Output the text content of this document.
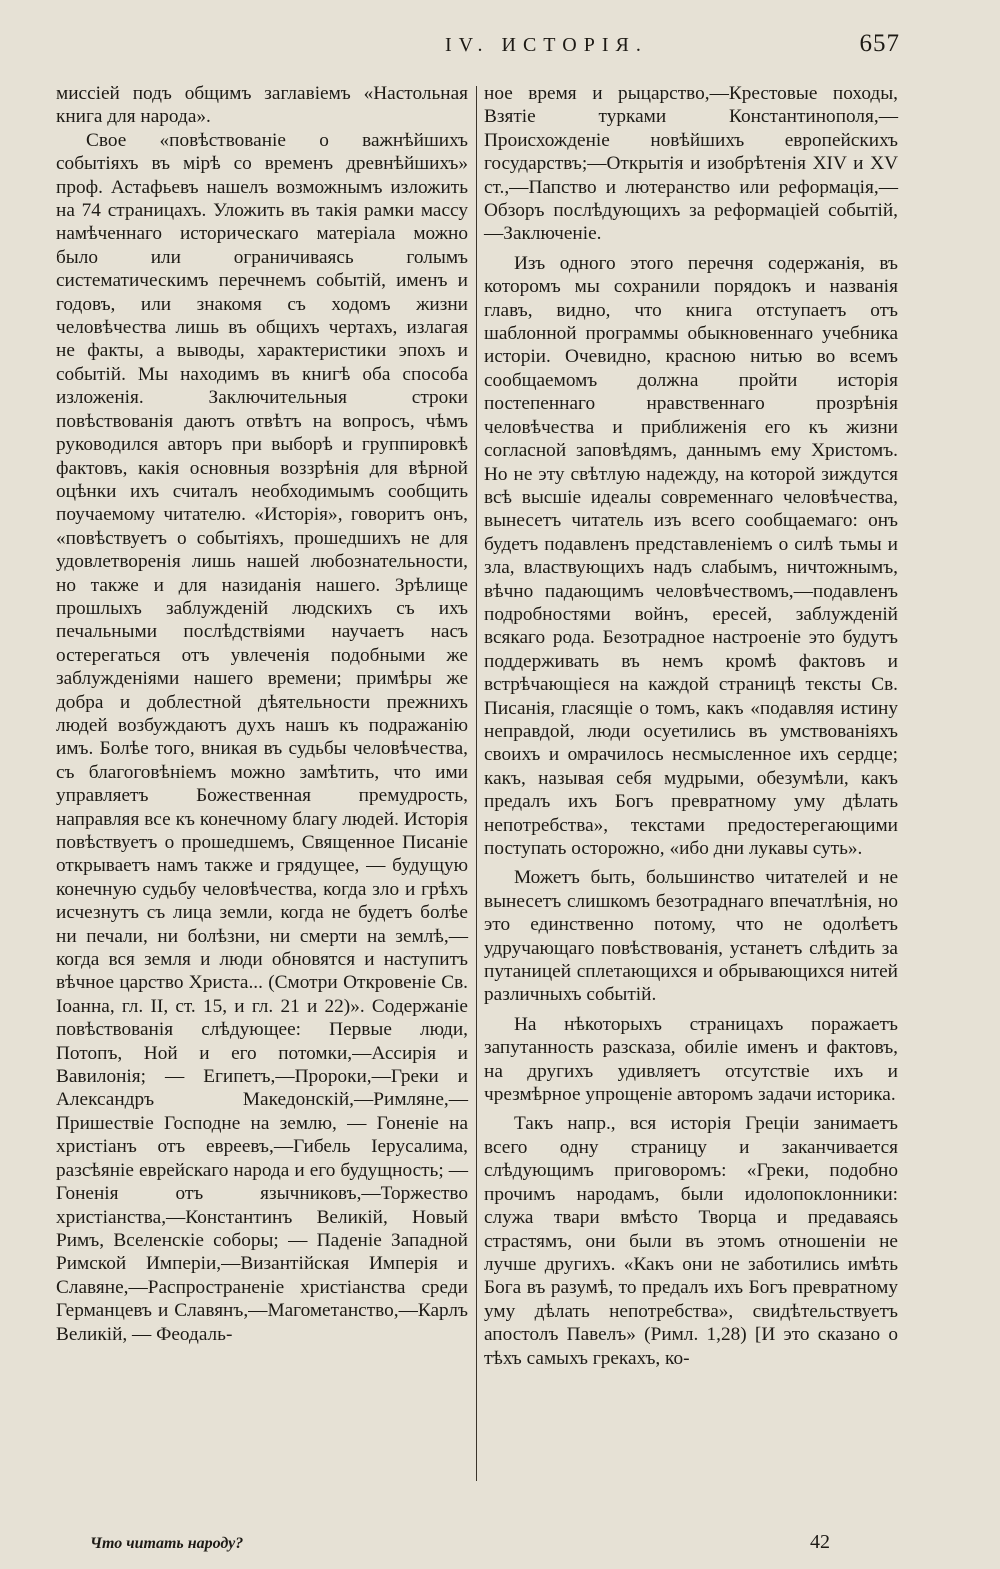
IV. ИСТОРІЯ.	657

миссiей подъ общимъ заглавiемъ «Настольная книга для народа».

Свое «повѣствованiе о важнѣйшихъ событiяхъ въ мiрѣ со временъ древнѣйшихъ» проф. Астафьевъ нашелъ возможнымъ изложить на 74 страницахъ. Уложить въ такiя рамки массу намѣченнаго историческаго матерiала можно было или ограничиваясь голымъ систематическимъ перечнемъ событiй, именъ и годовъ, или знакомя съ ходомъ жизни человѣчества лишь въ общихъ чертахъ, излагая не факты, а выводы, характеристики эпохъ и событiй. Мы находимъ въ книгѣ оба способа изложенiя. Заключительныя строки повѣствованiя даютъ отвѣтъ на вопросъ, чѣмъ руководился авторъ при выборѣ и группировкѣ фактовъ, какiя основныя воззрѣнiя для вѣрной оцѣнки ихъ считалъ необходимымъ сообщить поучаемому читателю. «Исторiя», говоритъ онъ, «повѣствуетъ о событiяхъ, прошедшихъ не для удовлетворенiя лишь нашей любознательности, но также и для назиданiя нашего. Зрѣлище прошлыхъ заблужденiй людскихъ съ ихъ печальными послѣдствiями научаетъ насъ остерегаться отъ увлеченiя подобными же заблужденiями нашего времени; примѣры же добра и доблестной дѣятельности прежнихъ людей возбуждаютъ духъ нашъ къ подражанiю имъ. Болѣе того, вникая въ судьбы человѣчества, съ благоговѣнiемъ можно замѣтить, что ими управляетъ Божественная премудрость, направляя все къ конечному благу людей. Исторiя повѣствуетъ о прошедшемъ, Священное Писанiе открываетъ намъ также и грядущее, — будущую конечную судьбу человѣчества, когда зло и грѣхъ исчезнутъ съ лица земли, когда не будетъ болѣе ни печали, ни болѣзни, ни смерти на землѣ,—когда вся земля и люди обновятся и наступитъ вѣчное царство Христа... (Смотри Откровенiе Св. Iоанна, гл. II, ст. 15, и гл. 21 и 22)». Содержанiе повѣствованiя слѣдующее: Первые люди, Потопъ, Ной и его потомки,—Ассирiя и Вавилонiя; — Египетъ,—Пророки,—Греки и Александръ Македонскiй,—Римляне,—Пришествiе Господне на землю, — Гоненiе на христiанъ отъ евреевъ,—Гибель Iерусалима, разсѣянiе еврейскаго народа и его будущность; — Гоненiя отъ язычниковъ,—Торжество христiанства,—Константинъ Великiй, Новый Римъ, Вселенскiе соборы; — Паденiе Западной Римской Имперiи,—Византiйская Имперiя и Славяне,—Распространенiе христiанства среди Германцевъ и Славянъ,—Магометанство,—Карлъ Великiй, — Феодаль-

ное время и рыцарство,—Крестовые походы, Взятiе турками Константинополя,—Происхожденiе новѣйшихъ европейскихъ государствъ;—Открытiя и изобрѣтенiя XIV и XV ст.,—Папство и лютеранство или реформацiя,—Обзоръ послѣдующихъ за реформацiей событiй,—Заключенiе.

Изъ одного этого перечня содержанiя, въ которомъ мы сохранили порядокъ и названiя главъ, видно, что книга отступаетъ отъ шаблонной программы обыкновеннаго учебника исторiи. Очевидно, красною нитью во всемъ сообщаемомъ должна пройти исторiя постепеннаго нравственнаго прозрѣнiя человѣчества и приближенiя его къ жизни согласной заповѣдямъ, даннымъ ему Христомъ. Но не эту свѣтлую надежду, на которой зиждутся всѣ высшiе идеалы современнаго человѣчества, вынесетъ читатель изъ всего сообщаемаго: онъ будетъ подавленъ представленiемъ о силѣ тьмы и зла, властвующихъ надъ слабымъ, ничтожнымъ, вѣчно падающимъ человѣчествомъ,—подавленъ подробностями войнъ, ересей, заблужденiй всякаго рода. Безотрадное настроенiе это будутъ поддерживать въ немъ кромѣ фактовъ и встрѣчающiеся на каждой страницѣ тексты Св. Писанiя, гласящiе о томъ, какъ «подавляя истину неправдой, люди осуетились въ умствованiяхъ своихъ и омрачилось несмысленное ихъ сердце; какъ, называя себя мудрыми, обезумѣли, какъ предалъ ихъ Богъ превратному уму дѣлать непотребства», текстами предостерегающими поступать осторожно, «ибо дни лукавы суть».

Можетъ быть, большинство читателей и не вынесетъ слишкомъ безотраднаго впечатлѣнiя, но это единственно потому, что не одолѣетъ удручающаго повѣствованiя, устанетъ слѣдить за путаницей сплетающихся и обрывающихся нитей различныхъ событiй.

На нѣкоторыхъ страницахъ поражаетъ запутанность разсказа, обилiе именъ и фактовъ, на другихъ удивляетъ отсутствiе ихъ и чрезмѣрное упрощенiе авторомъ задачи историка.

Такъ напр., вся исторiя Грецiи занимаетъ всего одну страницу и заканчивается слѣдующимъ приговоромъ: «Греки, подобно прочимъ народамъ, были идолопоклонники: служа твари вмѣсто Творца и предаваясь страстямъ, они были въ этомъ отношенiи не лучше другихъ. «Какъ они не заботились имѣть Бога въ разумѣ, то предалъ ихъ Богъ превратному уму дѣлать непотребства», свидѣтельствуетъ апостолъ Павелъ» (Римл. 1,28) [И это сказано о тѣхъ самыхъ грекахъ, ко-

Что читать народу?	42
